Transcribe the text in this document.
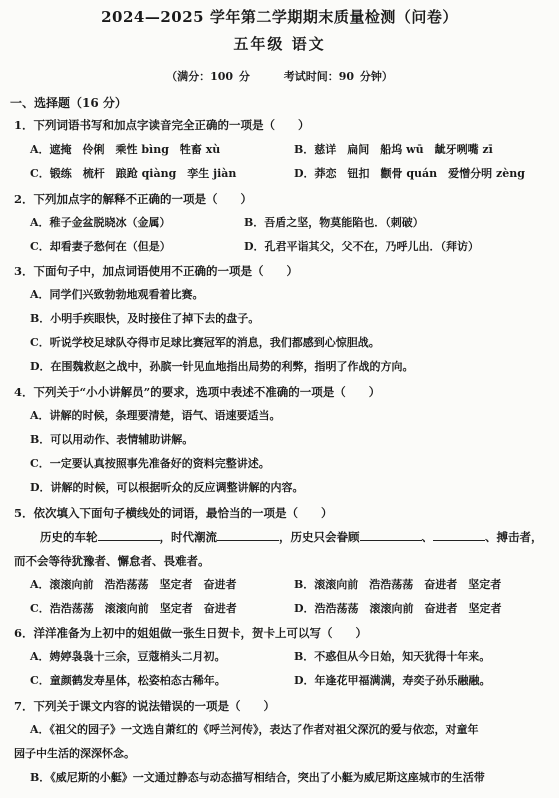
2024—2025 学年第二学期期末质量检测（问卷）
五年级 语文
（满分：100 分	考试时间：90 分钟）
一、选择题（16 分）
1．下列词语书写和加点字读音完全正确的一项是（　　）
A．遮掩　伶俐　乘性 bìng　牲畜 xù	B．慈详　扁间　船坞 wū　龇牙咧嘴 zī
C．锻练　梳杆　踉跄 qiàng　孪生 jiàn	D．莽恋　钮扣　颧骨 quán　爱憎分明 zèng
2．下列加点字的解释不正确的一项是（　　）
A．稚子金盆脱晓冰（金属）	B．吾盾之坚，物莫能陷也．（刺破）
C．却看妻子愁何在（但是）	D．孔君平诣其父，父不在，乃呼儿出．（拜访）
3．下面句子中，加点词语使用不正确的一项是（　　）
A．同学们兴致勃勃地观看着比赛。
B．小明手疾眼快，及时接住了掉下去的盘子。
C．听说学校足球队夺得市足球比赛冠军的消息，我们都感到心惊胆战。
D．在围魏救赵之战中，孙膑一针见血地指出局势的利弊，指明了作战的方向。
4．下列关于“小小讲解员”的要求，选项中表述不准确的一项是（　　）
A．讲解的时候，条理要清楚，语气、语速要适当。
B．可以用动作、表情辅助讲解。
C．一定要认真按照事先准备好的资料完整讲述。
D．讲解的时候，可以根据听众的反应调整讲解的内容。
5．依次填入下面句子横线处的词语，最恰当的一项是（　　）
历史的车轮	，时代潮流	，历史只会眷顾	、	、搏击者，
而不会等待犹豫者、懈怠者、畏难者。
A．滚滚向前　浩浩荡荡　坚定者　奋进者	B．滚滚向前　浩浩荡荡　奋进者　坚定者
C．浩浩荡荡　滚滚向前　坚定者　奋进者	D．浩浩荡荡　滚滚向前　奋进者　坚定者
6．洋洋准备为上初中的姐姐做一张生日贺卡，贺卡上可以写（　　）
A．娉婷袅袅十三余，豆蔻梢头二月初。	B．不惑但从今日始，知天犹得十年来。
C．童颜鹤发寿星体，松姿柏态古稀年。	D．年逢花甲福满满，寿奕子孙乐融融。
7．下列关于课文内容的说法错误的一项是（　　）
A．《祖父的园子》一文选自萧红的《呼兰河传》，表达了作者对祖父深沉的爱与依恋，对童年
园子中生活的深深怀念。
B．《威尼斯的小艇》一文通过静态与动态描写相结合，突出了小艇为威尼斯这座城市的生活带
